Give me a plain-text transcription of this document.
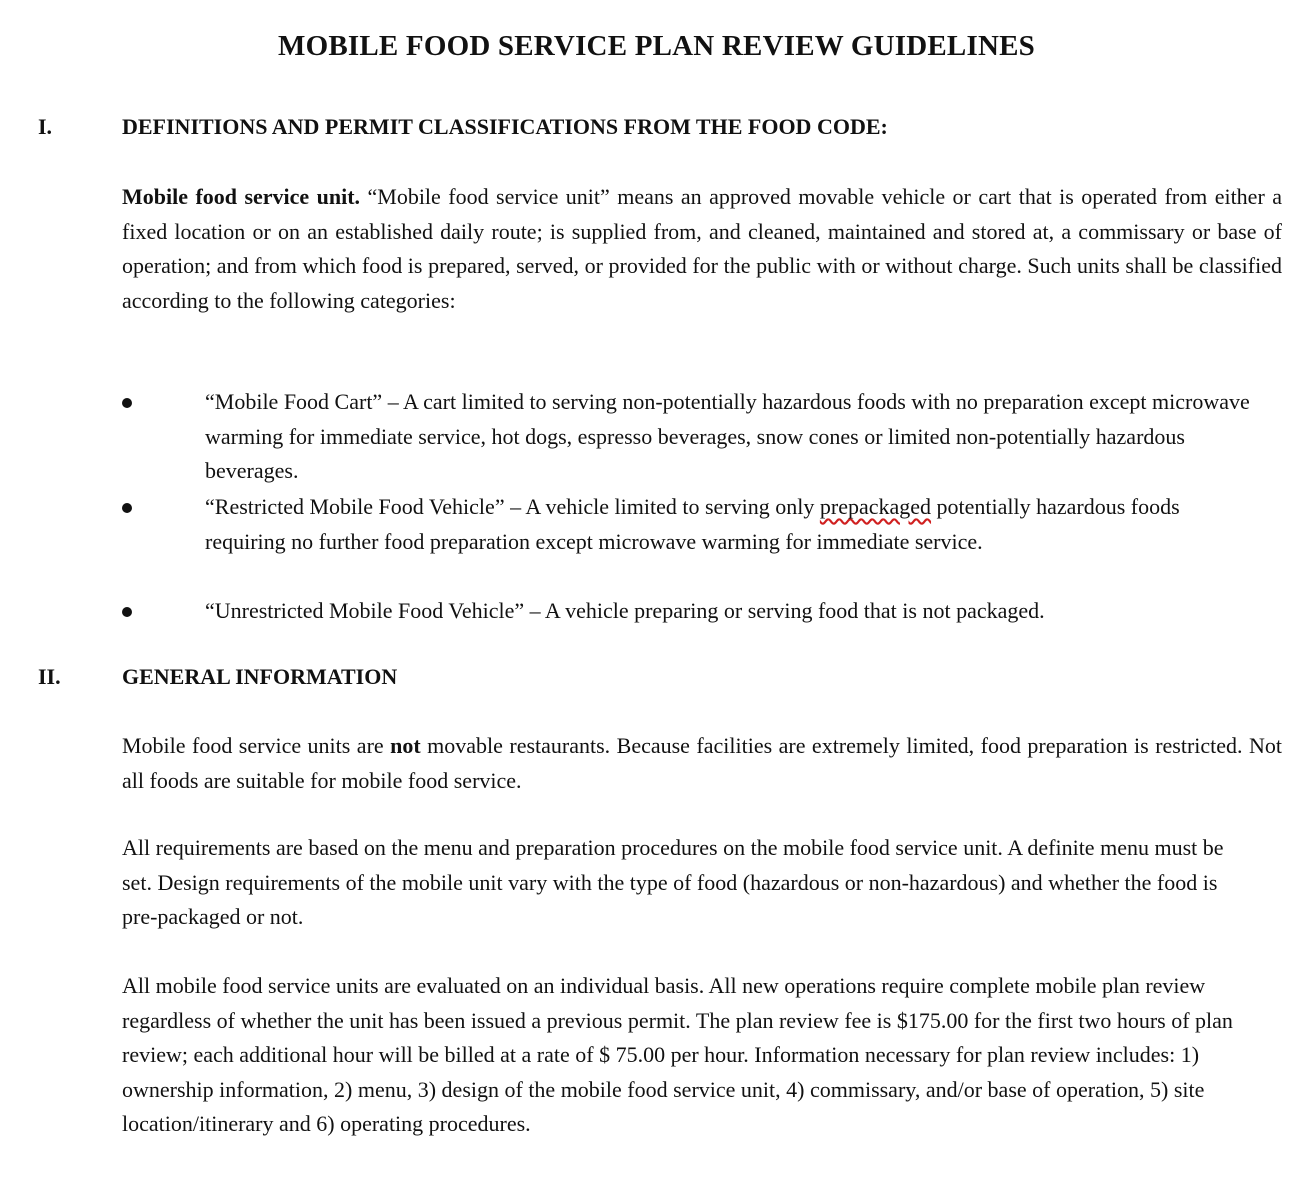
MOBILE FOOD SERVICE PLAN REVIEW GUIDELINES
I.	DEFINITIONS AND PERMIT CLASSIFICATIONS FROM THE FOOD CODE:
Mobile food service unit. “Mobile food service unit” means an approved movable vehicle or cart that is operated from either a fixed location or on an established daily route; is supplied from, and cleaned, maintained and stored at, a commissary or base of operation; and from which food is prepared, served, or provided for the public with or without charge. Such units shall be classified according to the following categories:
“Mobile Food Cart” – A cart limited to serving non-potentially hazardous foods with no preparation except microwave warming for immediate service, hot dogs, espresso beverages, snow cones or limited non-potentially hazardous beverages.
“Restricted Mobile Food Vehicle” – A vehicle limited to serving only prepackaged potentially hazardous foods requiring no further food preparation except microwave warming for immediate service.
“Unrestricted Mobile Food Vehicle” – A vehicle preparing or serving food that is not packaged.
II.	GENERAL INFORMATION
Mobile food service units are not movable restaurants. Because facilities are extremely limited, food preparation is restricted. Not all foods are suitable for mobile food service.
All requirements are based on the menu and preparation procedures on the mobile food service unit. A definite menu must be set. Design requirements of the mobile unit vary with the type of food (hazardous or non-hazardous) and whether the food is pre-packaged or not.
All mobile food service units are evaluated on an individual basis. All new operations require complete mobile plan review regardless of whether the unit has been issued a previous permit. The plan review fee is $175.00 for the first two hours of plan review; each additional hour will be billed at a rate of $ 75.00 per hour. Information necessary for plan review includes: 1) ownership information, 2) menu, 3) design of the mobile food service unit, 4) commissary, and/or base of operation, 5) site location/itinerary and 6) operating procedures.
